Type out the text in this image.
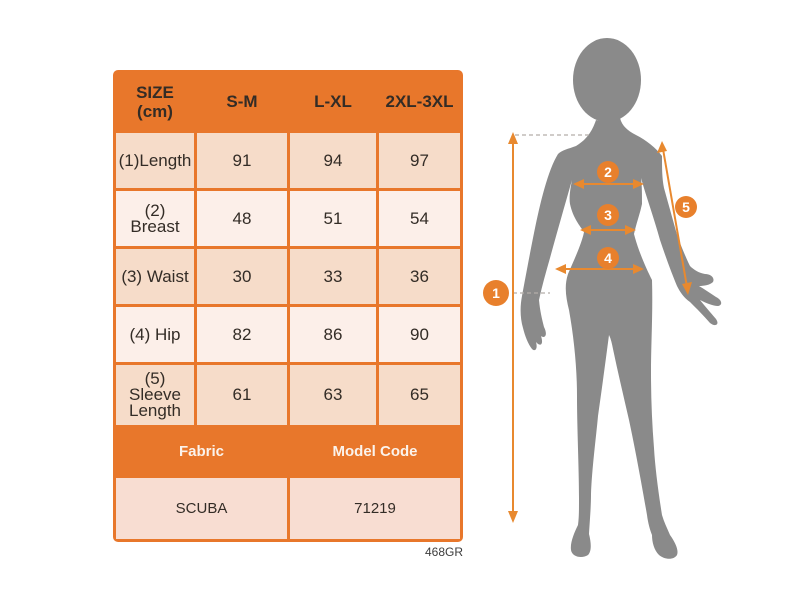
SIZE
(cm)	S-M	L-XL	2XL-3XL
(1)Length	91	94	97
(2) Breast	48	51	54
(3) Waist	30	33	36
(4) Hip	82	86	90
(5) Sleeve Length	61	63	65
Fabric		Model Code	
SCUBA		71219	
468GR
1
2
3
4
5
